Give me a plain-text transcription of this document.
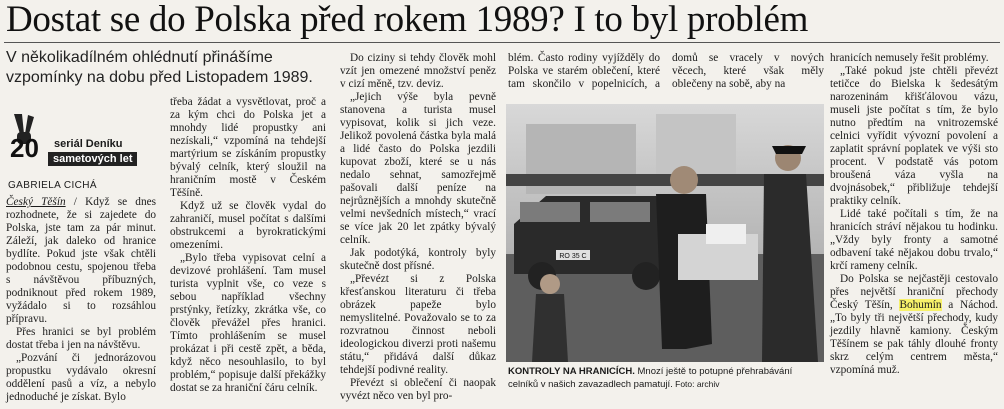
Dostat se do Polska před rokem 1989? I to byl problém
V několikadílném ohlédnutí přinášíme vzpomínky na dobu před Listopadem 1989.
20 seriál Deníku
sametových let
GABRIELA CICHÁ

Český Těšín / Když se dnes rozhodnete, že si zajedete do Polska, jste tam za pár minut. Záleží, jak daleko od hranice bydlíte. Pokud jste však chtěli podobnou cestu, spojenou třeba s návštěvou příbuzných, podniknout před rokem 1989, vyžádalo si to rozsáhlou přípravu.

Přes hranici se byl problém dostat třeba i jen na návštěvu.

„Pozvání či jednorázovou propustku vydávalo okresní oddělení pasů a víz, a nebylo jednoduché je získat. Bylo

třeba žádat a vysvětlovat, proč a za kým chci do Polska jet a mnohdy lidé propustky ani nezískali,“ vzpomíná na tehdejší martýrium se získáním propustky bývalý celník, který sloužil na hraničním mostě v Českém Těšíně.

Když už se člověk vydal do zahraničí, musel počítat s dalšími obstrukcemi a byrokratickými omezeními.

„Bylo třeba vypisovat celní a devizové prohlášení. Tam musel turista vyplnit vše, co veze s sebou například všechny prstýnky, řetízky, zkrátka vše, co člověk převážel přes hranici. Tímto prohlášením se musel prokázat i při cestě zpět, a běda, když něco nesouhlasilo, to byl problém,“ popisuje další překážky dostat se za hraniční čáru celník.

Do ciziny si tehdy člověk mohl vzít jen omezené množství peněz v cizí měně, tzv. deviz.

„Jejich výše byla pevně stanovena a turista musel vypisovat, kolik si jich veze. Jelikož povolená částka byla malá a lidé často do Polska jezdili kupovat zboží, které se u nás nedalo sehnat, samozřejmě pašovali další peníze na nejrůznějších a mnohdy skutečně velmi nevšedních místech,“ vrací se více jak 20 let zpátky bývalý celník.

Jak podotýká, kontroly byly skutečně dost přísné.

„Převézt si z Polska křesťanskou literaturu či třeba obrázek papeže bylo nemyslitelné. Považovalo se to za rozvratnou činnost neboli ideologickou diverzi proti našemu státu,“ přidává další důkaz tehdejší podivné reality.

Převézt si oblečení či naopak vyvézt něco ven byl pro-

blém. Často rodiny vyjížděly do Polska ve starém oblečení, které tam skončilo v popelnicích, a domů se vracely v nových věcech, které však měly oblečeny na sobě, aby na

RO 35 C
KONTROLY NA HRANICÍCH. Mnozí ještě to potupné přehrabávání celníků v našich zavazadlech pamatují. Foto: archiv

hranicích nemusely řešit problémy.

„Také pokud jste chtěli převézt tetičce do Bielska k šedesátým narozeninám křišťálovou vázu, museli jste počítat s tím, že bylo nutno předtím na vnitrozemské celnici vyřídit vývozní povolení a zaplatit správní poplatek ve výši sto procent. V podstatě vás potom broušená váza vyšla na dvojnásobek,“ přibližuje tehdejší praktiky celník.

Lidé také počítali s tím, že na hranicích stráví nějakou tu hodinku. „Vždy byly fronty a samotné odbavení také nějakou dobu trvalo,“ krčí rameny celník.

Do Polska se nejčastěji cestovalo přes největší hraniční přechody Český Těšín, Bohumín a Náchod. „To byly tři největší přechody, kudy jezdily hlavně kamiony. Českým Těšínem se pak táhly dlouhé fronty skrz celým centrem města,“ vzpomíná muž.
